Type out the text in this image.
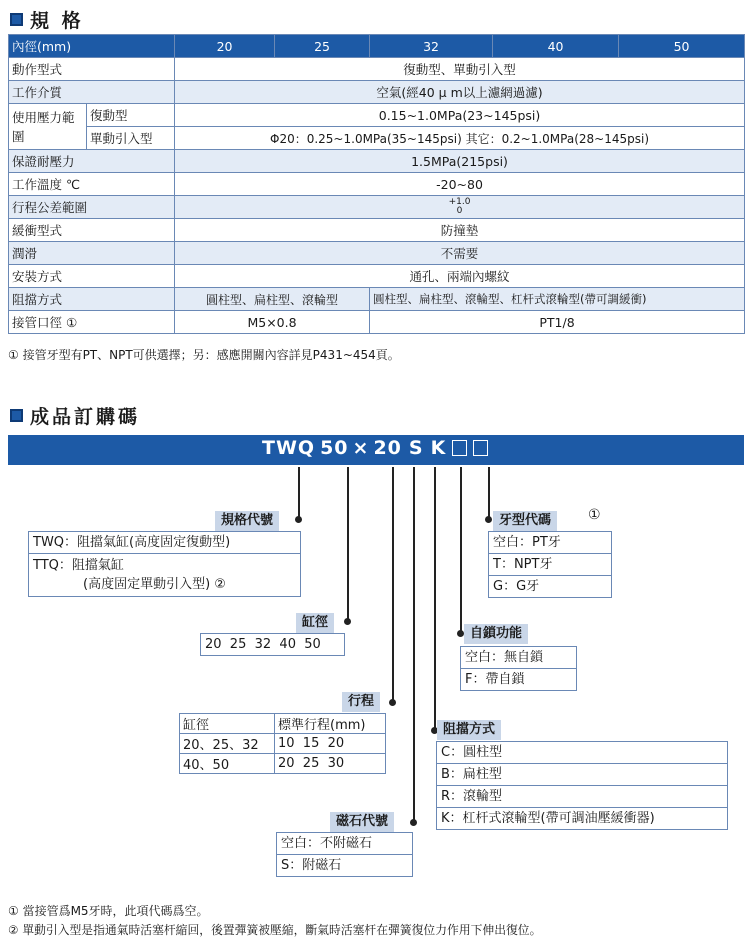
規 格
內徑(mm)		20	25	32	40	50
動作型式		復動型、單動引入型				
工作介質		空氣(經40 μ m以上濾網過濾)				
使用壓力範圍	復動型	0.15~1.0MPa(23~145psi)				
	單動引入型	Φ20：0.25~1.0MPa(35~145psi) 其它：0.2~1.0MPa(28~145psi)				
保證耐壓力		1.5MPa(215psi)				
工作溫度 ℃		-20~80				
行程公差範圍		+1.0
0				
緩衝型式		防撞墊				
潤滑		不需要				
安裝方式		通孔、兩端內螺紋				
阻擋方式		圓柱型、扁柱型、滾輪型		圓柱型、扁柱型、滾輪型、杠杆式滾輪型(帶可調緩衝)		
接管口徑 ①		M5×0.8		PT1/8		
① 接管牙型有PT、NPT可供選擇；另：感應開關內容詳見P431~454頁。
成品訂購碼
TWQ 50 × 20 S K
規格代號
TWQ：阻擋氣缸(高度固定復動型)
TTQ：阻擋氣缸
(高度固定單動引入型) ②
缸徑
20  25  32  40  50
行程
缸徑	標準行程(mm)
20、25、32	10  15  20
40、50	20  25  30
磁石代號
空白：不附磁石
S：附磁石
阻擋方式
C：圓柱型
B：扁柱型
R：滾輪型
K：杠杆式滾輪型(帶可調油壓緩衝器)
自鎖功能
空白：無自鎖
F：帶自鎖
牙型代碼	①
空白：PT牙
T：NPT牙
G：G牙
① 當接管爲M5牙時，此項代碼爲空。
② 單動引入型是指通氣時活塞杆縮回，後置彈簧被壓縮，斷氣時活塞杆在彈簧復位力作用下伸出復位。
